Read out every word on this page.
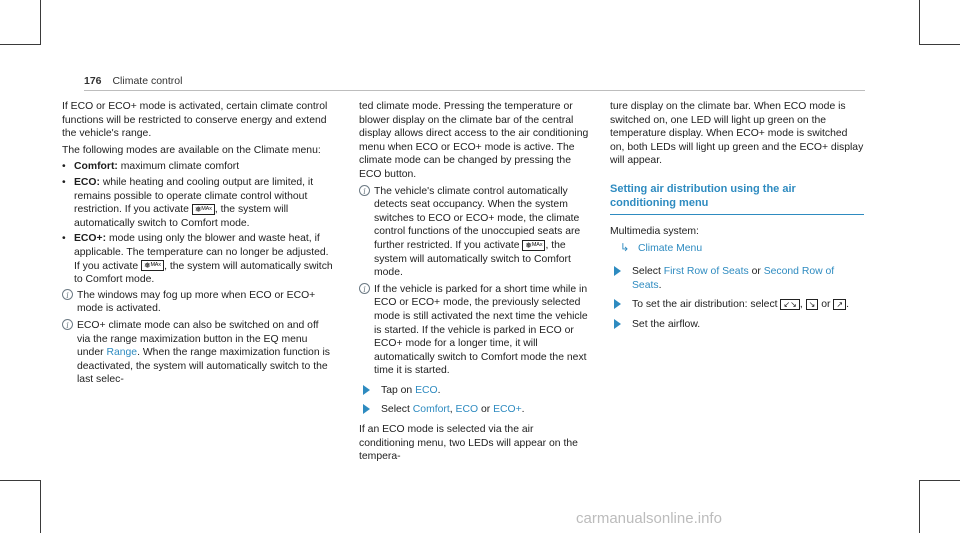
176 Climate control

If ECO or ECO+ mode is activated, certain climate control functions will be restricted to conserve energy and extend the vehicle's range.

The following modes are available on the Climate menu:

• Comfort: maximum climate comfort
• ECO: while heating and cooling output are limited, it remains possible to operate climate control without restriction. If you activate ❅ᴹᴬˣ , the system will automatically switch to Comfort mode.
• ECO+: mode using only the blower and waste heat, if applicable. The temperature can no longer be adjusted. If you activate ❅ᴹᴬˣ , the system will automatically switch to Comfort mode.
i The windows may fog up more when ECO or ECO+ mode is activated.
i ECO+ climate mode can also be switched on and off via the range maximization button in the EQ menu under Range. When the range maximization function is deactivated, the system will automatically switch to the last selec-

ted climate mode. Pressing the temperature or blower display on the climate bar of the central display allows direct access to the air conditioning menu when ECO or ECO+ mode is active. The climate mode can be changed by pressing the ECO button.

i The vehicle's climate control automatically detects seat occupancy. When the system switches to ECO or ECO+ mode, the climate control functions of the unoccupied seats are further restricted. If you activate ❅ᴹᴬˣ , the system will automatically switch to Comfort mode.
i If the vehicle is parked for a short time while in ECO or ECO+ mode, the previously selected mode is still activated the next time the vehicle is started. If the vehicle is parked in ECO or ECO+ mode for a longer time, it will automatically switch to Comfort mode the next time it is started.
Tap on ECO.
Select Comfort, ECO or ECO+.

If an ECO mode is selected via the air conditioning menu, two LEDs will appear on the tempera-

ture display on the climate bar. When ECO mode is switched on, one LED will light up green on the temperature display. When ECO+ mode is switched on, both LEDs will light up green and the ECO+ display will appear.

Setting air distribution using the air conditioning menu

Multimedia system:

↳ Climate Menu
Select First Row of Seats or Second Row of Seats.
To set the air distribution: select ↙↘ , ↘ or ↗ .
Set the airflow.
carmanualsonline.info
